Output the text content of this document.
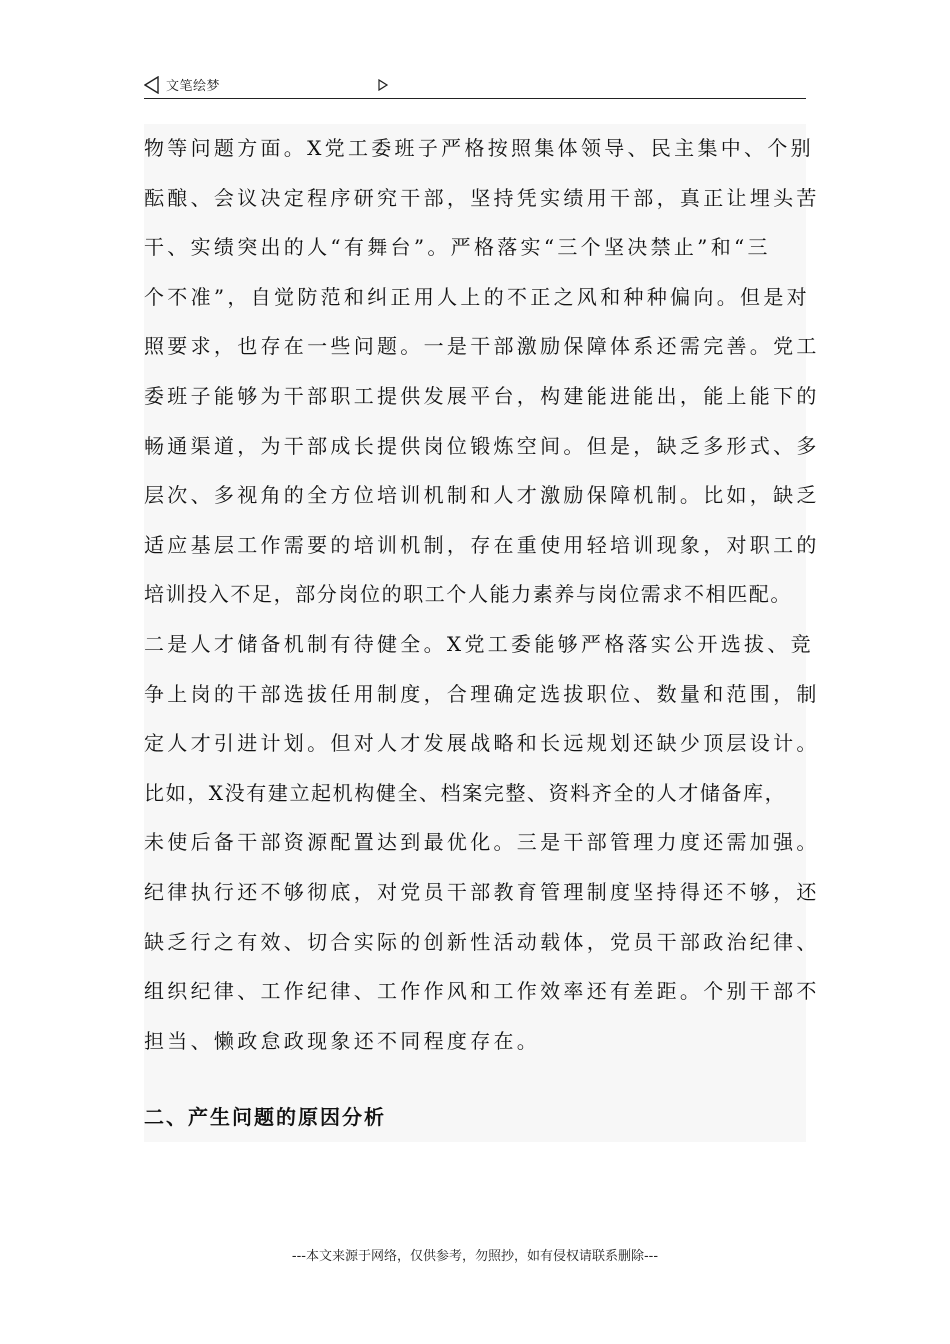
文笔绘梦
物等问题方面。X党工委班子严格按照集体领导、民主集中、个别
酝酿、会议决定程序研究干部，坚持凭实绩用干部，真正让埋头苦
干、实绩突出的人“有舞台”。严格落实“三个坚决禁止”和“三
个不准”，自觉防范和纠正用人上的不正之风和种种偏向。但是对
照要求，也存在一些问题。一是干部激励保障体系还需完善。党工
委班子能够为干部职工提供发展平台，构建能进能出，能上能下的
畅通渠道，为干部成长提供岗位锻炼空间。但是，缺乏多形式、多
层次、多视角的全方位培训机制和人才激励保障机制。比如，缺乏
适应基层工作需要的培训机制，存在重使用轻培训现象，对职工的
培训投入不足，部分岗位的职工个人能力素养与岗位需求不相匹配。
二是人才储备机制有待健全。X党工委能够严格落实公开选拔、竞
争上岗的干部选拔任用制度，合理确定选拔职位、数量和范围，制
定人才引进计划。但对人才发展战略和长远规划还缺少顶层设计。
比如，X没有建立起机构健全、档案完整、资料齐全的人才储备库，
未使后备干部资源配置达到最优化。三是干部管理力度还需加强。
纪律执行还不够彻底，对党员干部教育管理制度坚持得还不够，还
缺乏行之有效、切合实际的创新性活动载体，党员干部政治纪律、
组织纪律、工作纪律、工作作风和工作效率还有差距。个别干部不
担当、懒政怠政现象还不同程度存在。
二、产生问题的原因分析
---本文来源于网络，仅供参考，勿照抄，如有侵权请联系删除---
